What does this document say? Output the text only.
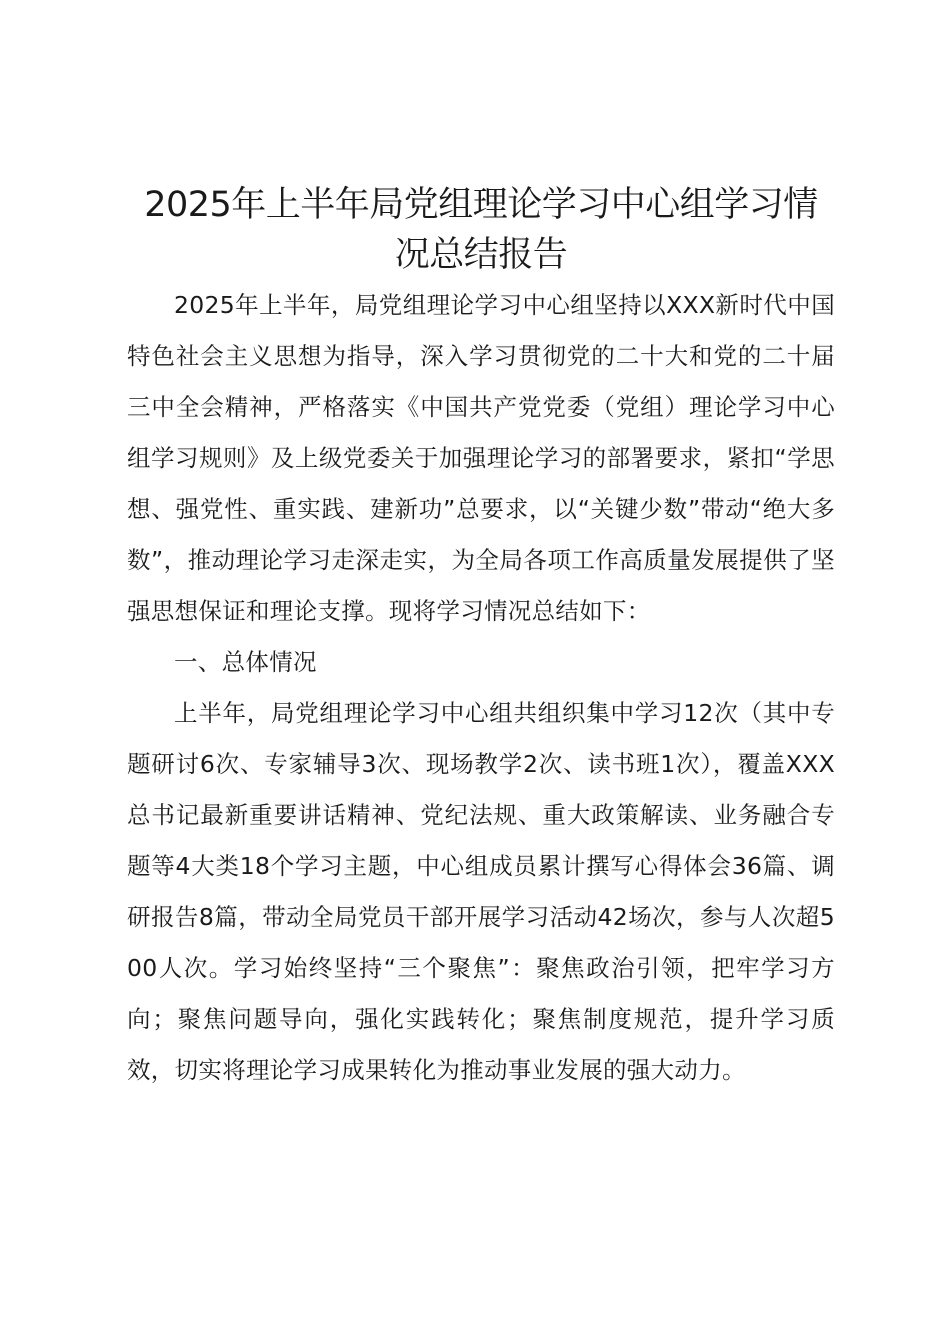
2025年上半年局党组理论学习中心组学习情况总结报告

2025年上半年，局党组理论学习中心组坚持以XXX新时代中国特色社会主义思想为指导，深入学习贯彻党的二十大和党的二十届三中全会精神，严格落实《中国共产党党委（党组）理论学习中心组学习规则》及上级党委关于加强理论学习的部署要求，紧扣“学思想、强党性、重实践、建新功”总要求，以“关键少数”带动“绝大多数”，推动理论学习走深走实，为全局各项工作高质量发展提供了坚强思想保证和理论支撑。现将学习情况总结如下：

一、总体情况

上半年，局党组理论学习中心组共组织集中学习12次（其中专题研讨6次、专家辅导3次、现场教学2次、读书班1次），覆盖XXX总书记最新重要讲话精神、党纪法规、重大政策解读、业务融合专题等4大类18个学习主题，中心组成员累计撰写心得体会36篇、调研报告8篇，带动全局党员干部开展学习活动42场次，参与人次超500人次。学习始终坚持“三个聚焦”：聚焦政治引领，把牢学习方向；聚焦问题导向，强化实践转化；聚焦制度规范，提升学习质效，切实将理论学习成果转化为推动事业发展的强大动力。
